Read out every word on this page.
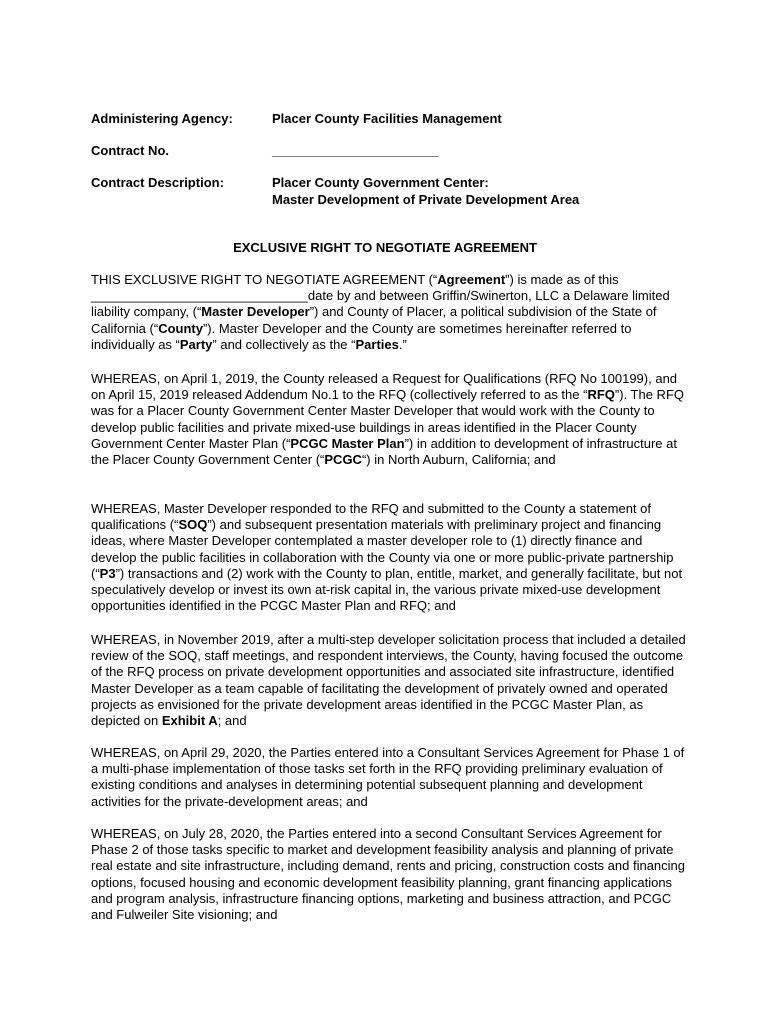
Administering Agency:	Placer County Facilities Management
Contract No.	_______________________
Contract Description:	Placer County Government Center:
Master Development of Private Development Area
EXCLUSIVE RIGHT TO NEGOTIATE AGREEMENT

THIS EXCLUSIVE RIGHT TO NEGOTIATE AGREEMENT (“Agreement”) is made as of this ______________________________date by and between Griffin/Swinerton, LLC a Delaware limited liability company, (“Master Developer”) and County of Placer, a political subdivision of the State of California (“County”). Master Developer and the County are sometimes hereinafter referred to individually as “Party” and collectively as the “Parties.”

WHEREAS, on April 1, 2019, the County released a Request for Qualifications (RFQ No 100199), and on April 15, 2019 released Addendum No.1 to the RFQ (collectively referred to as the “RFQ”). The RFQ was for a Placer County Government Center Master Developer that would work with the County to develop public facilities and private mixed-use buildings in areas identified in the Placer County Government Center Master Plan (“PCGC Master Plan”) in addition to development of infrastructure at the Placer County Government Center (“PCGC“) in North Auburn, California; and

WHEREAS, Master Developer responded to the RFQ and submitted to the County a statement of qualifications (“SOQ”) and subsequent presentation materials with preliminary project and financing ideas, where Master Developer contemplated a master developer role to (1) directly finance and develop the public facilities in collaboration with the County via one or more public-private partnership (“P3”) transactions and (2) work with the County to plan, entitle, market, and generally facilitate, but not speculatively develop or invest its own at-risk capital in, the various private mixed-use development opportunities identified in the PCGC Master Plan and RFQ; and

WHEREAS, in November 2019, after a multi-step developer solicitation process that included a detailed review of the SOQ, staff meetings, and respondent interviews, the County, having focused the outcome of the RFQ process on private development opportunities and associated site infrastructure, identified Master Developer as a team capable of facilitating the development of privately owned and operated projects as envisioned for the private development areas identified in the PCGC Master Plan, as depicted on Exhibit A; and

WHEREAS, on April 29, 2020, the Parties entered into a Consultant Services Agreement for Phase 1 of a multi-phase implementation of those tasks set forth in the RFQ providing preliminary evaluation of existing conditions and analyses in determining potential subsequent planning and development activities for the private-development areas; and

WHEREAS, on July 28, 2020, the Parties entered into a second Consultant Services Agreement for Phase 2 of those tasks specific to market and development feasibility analysis and planning of private real estate and site infrastructure, including demand, rents and pricing, construction costs and financing options, focused housing and economic development feasibility planning, grant financing applications and program analysis, infrastructure financing options, marketing and business attraction, and PCGC and Fulweiler Site visioning; and
